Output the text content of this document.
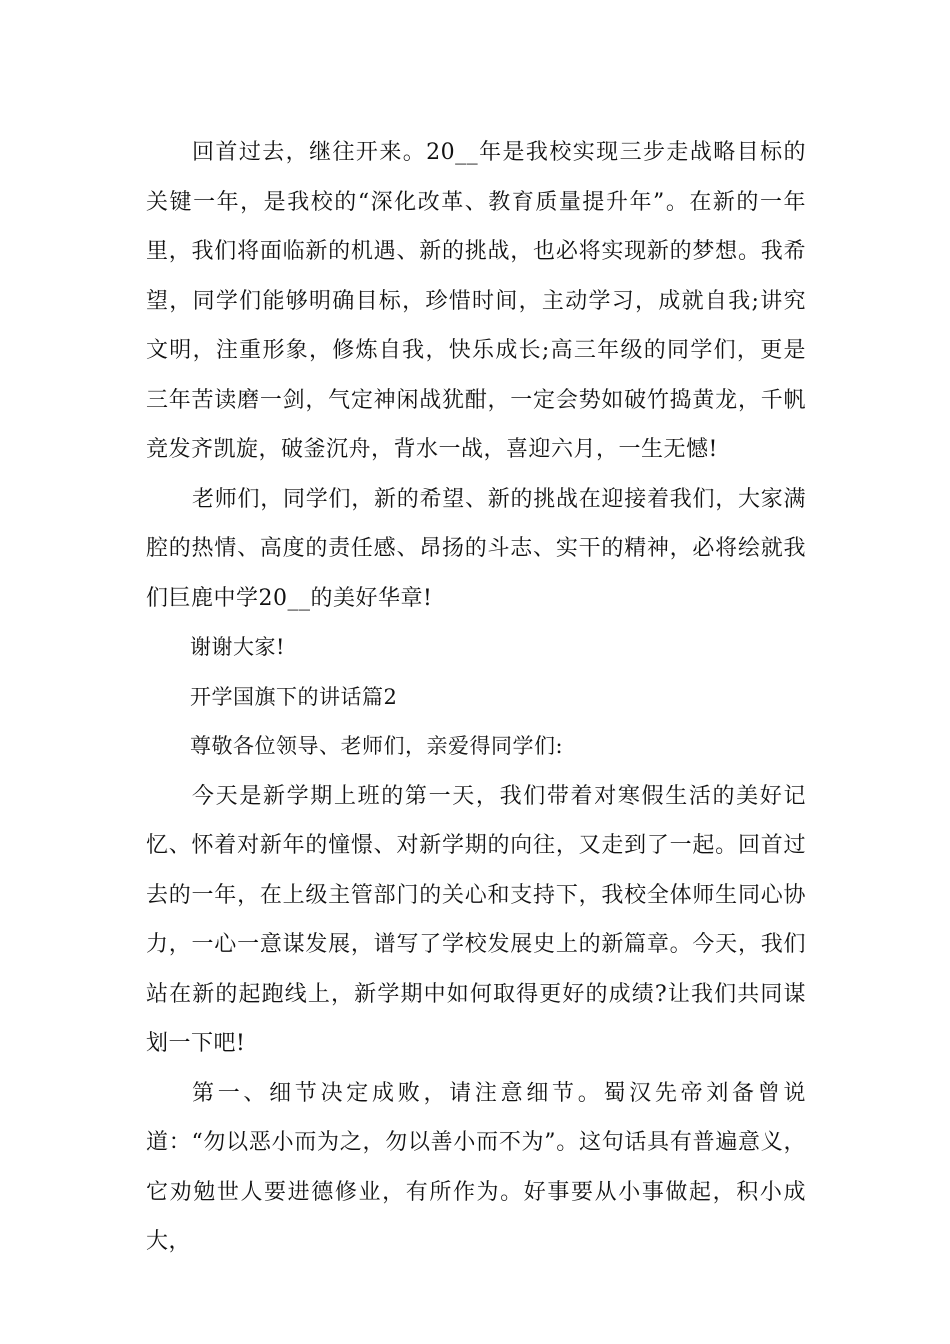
回首过去，继往开来。20__年是我校实现三步走战略目标的关键一年，是我校的“深化改革、教育质量提升年”。在新的一年里，我们将面临新的机遇、新的挑战，也必将实现新的梦想。我希望，同学们能够明确目标，珍惜时间，主动学习，成就自我;讲究文明，注重形象，修炼自我，快乐成长;高三年级的同学们，更是三年苦读磨一剑，气定神闲战犹酣，一定会势如破竹捣黄龙，千帆竞发齐凯旋，破釜沉舟，背水一战，喜迎六月，一生无憾!

老师们，同学们，新的希望、新的挑战在迎接着我们，大家满腔的热情、高度的责任感、昂扬的斗志、实干的精神，必将绘就我们巨鹿中学20__的美好华章!

谢谢大家!

开学国旗下的讲话篇2

尊敬各位领导、老师们，亲爱得同学们:

今天是新学期上班的第一天，我们带着对寒假生活的美好记忆、怀着对新年的憧憬、对新学期的向往，又走到了一起。回首过去的一年，在上级主管部门的关心和支持下，我校全体师生同心协力，一心一意谋发展，谱写了学校发展史上的新篇章。今天，我们站在新的起跑线上，新学期中如何取得更好的成绩?让我们共同谋划一下吧!

第一、细节决定成败，请注意细节。蜀汉先帝刘备曾说道：“勿以恶小而为之，勿以善小而不为”。这句话具有普遍意义，它劝勉世人要进德修业，有所作为。好事要从小事做起，积小成大，
